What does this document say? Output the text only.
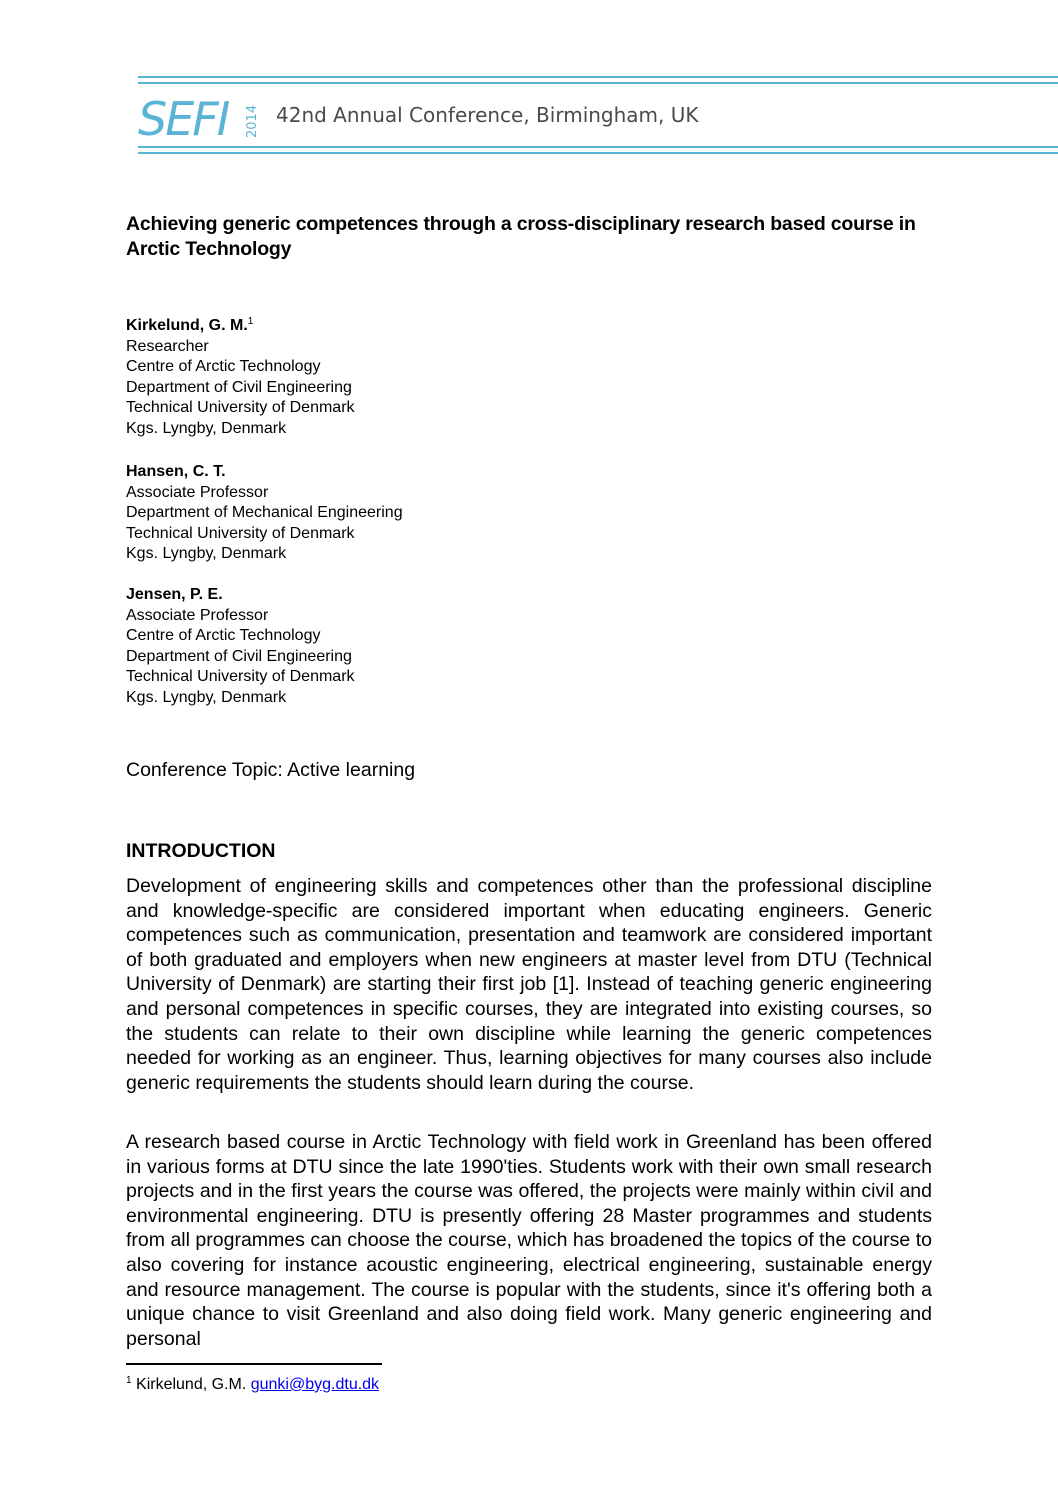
SEFI 2014 42nd Annual Conference, Birmingham, UK
Achieving generic competences through a cross-disciplinary research based course in Arctic Technology
Kirkelund, G. M.$^1$
Researcher
Centre of Arctic Technology
Department of Civil Engineering
Technical University of Denmark
Kgs. Lyngby, Denmark
Hansen, C. T.
Associate Professor
Department of Mechanical Engineering
Technical University of Denmark
Kgs. Lyngby, Denmark
Jensen, P. E.
Associate Professor
Centre of Arctic Technology
Department of Civil Engineering
Technical University of Denmark
Kgs. Lyngby, Denmark
Conference Topic: Active learning
INTRODUCTION

Development of engineering skills and competences other than the professional discipline and knowledge-specific are considered important when educating engineers. Generic competences such as communication, presentation and teamwork are considered important of both graduated and employers when new engineers at master level from DTU (Technical University of Denmark) are starting their first job [1]. Instead of teaching generic engineering and personal competences in specific courses, they are integrated into existing courses, so the students can relate to their own discipline while learning the generic competences needed for working as an engineer. Thus, learning objectives for many courses also include generic requirements the students should learn during the course.

A research based course in Arctic Technology with field work in Greenland has been offered in various forms at DTU since the late 1990'ties. Students work with their own small research projects and in the first years the course was offered, the projects were mainly within civil and environmental engineering. DTU is presently offering 28 Master programmes and students from all programmes can choose the course, which has broadened the topics of the course to also covering for instance acoustic engineering, electrical engineering, sustainable energy and resource management. The course is popular with the students, since it's offering both a unique chance to visit Greenland and also doing field work. Many generic engineering and personal

$^1$ Kirkelund, G.M. gunki@byg.dtu.dk
